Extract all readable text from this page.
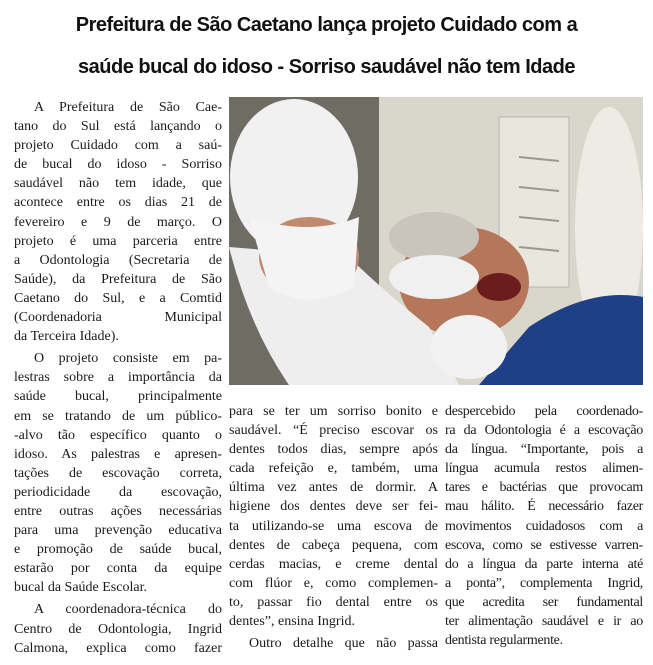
Prefeitura de São Caetano lança projeto Cuidado com a
saúde bucal do idoso - Sorriso saudável não tem Idade
A Prefeitura de São Cae-
tano do Sul está lançando o
projeto Cuidado com a saú-
de bucal do idoso - Sorriso
saudável não tem idade, que
acontece entre os dias 21 de
fevereiro e 9 de março. O
projeto é uma parceria entre
a Odontologia (Secretaria de
Saúde), da Prefeitura de São
Caetano do Sul, e a Comtid
(Coordenadoria Municipal
da Terceira Idade).
O projeto consiste em pa-
lestras sobre a importância da
saúde bucal, principalmente
em se tratando de um público-
-alvo tão específico quanto o
idoso. As palestras e apresen-
tações de escovação correta,
periodicidade da escovação,
entre outras ações necessárias
para uma prevenção educativa
e promoção de saúde bucal,
estarão por conta da equipe
bucal da Saúde Escolar.
A coordenadora-técnica do
Centro de Odontologia, Ingrid
Calmona, explica como fazer
para se ter um sorriso bonito e
saudável. “É preciso escovar os
dentes todos dias, sempre após
cada refeição e, também, uma
última vez antes de dormir. A
higiene dos dentes deve ser fei-
ta utilizando-se uma escova de
dentes de cabeça pequena, com
cerdas macias, e creme dental
com flúor e, como complemen-
to, passar fio dental entre os
dentes”, ensina Ingrid.
Outro detalhe que não passa
despercebido pela coordenado-
ra da Odontologia é a escovação
da língua. “Importante, pois a
língua acumula restos alimen-
tares e bactérias que provocam
mau hálito. É necessário fazer
movimentos cuidadosos com a
escova, como se estivesse varren-
do a língua da parte interna até
a ponta”, complementa Ingrid,
que acredita ser fundamental
ter alimentação saudável e ir ao
dentista regularmente.
